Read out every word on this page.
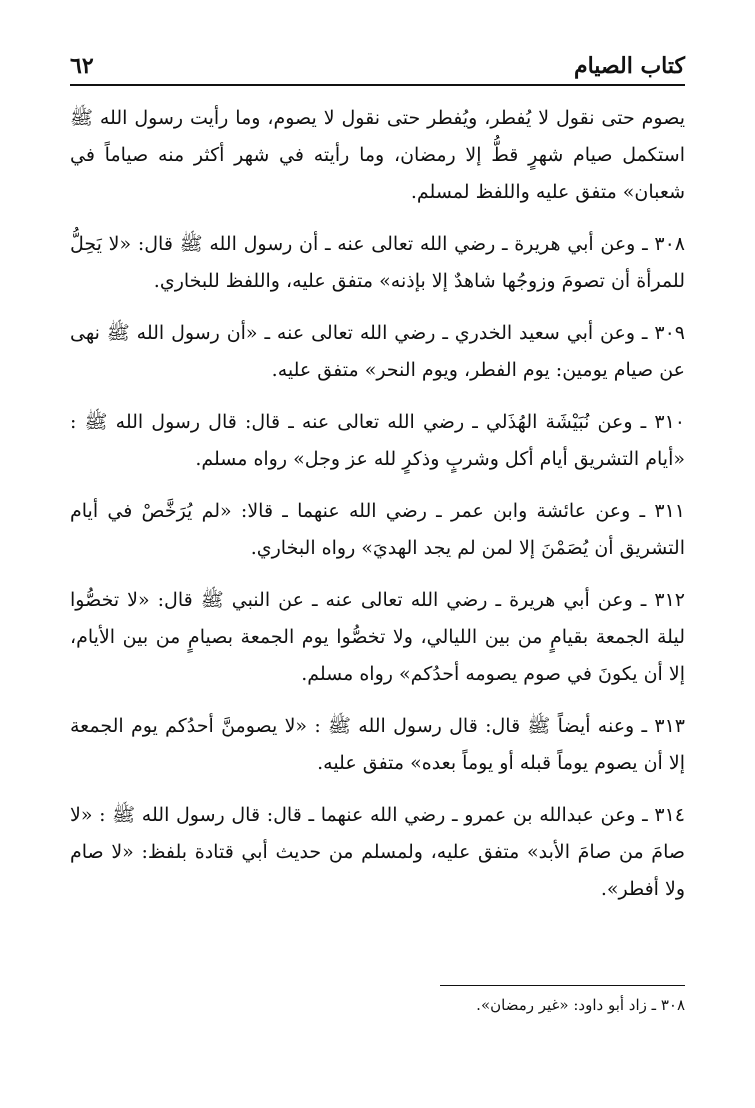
كتاب الصيام
٦٢

يصوم حتى نقول لا يُفطر، ويُفطر حتى نقول لا يصوم، وما رأيت رسول الله ﷺ استكمل صيام شهرٍ قطُّ إلا رمضان، وما رأيته في شهر أكثر منه صياماً في شعبان» متفق عليه واللفظ لمسلم.

٣٠٨ ـ وعن أبي هريرة ـ رضي الله تعالى عنه ـ أن رسول الله ﷺ قال: «لا يَحِلُّ للمرأة أن تصومَ وزوجُها شاهدٌ إلا بإذنه» متفق عليه، واللفظ للبخاري.

٣٠٩ ـ وعن أبي سعيد الخدري ـ رضي الله تعالى عنه ـ «أن رسول الله ﷺ نهى عن صيام يومين: يوم الفطر، ويوم النحر» متفق عليه.

٣١٠ ـ وعن نُبَيْشَة الهُذَلي ـ رضي الله تعالى عنه ـ قال: قال رسول الله ﷺ : «أيام التشريق أيام أكل وشربٍ وذكرٍ لله عز وجل» رواه مسلم.

٣١١ ـ وعن عائشة وابن عمر ـ رضي الله عنهما ـ قالا: «لم يُرَخَّصْ في أيام التشريق أن يُصَمْنَ إلا لمن لم يجد الهديَ» رواه البخاري.

٣١٢ ـ وعن أبي هريرة ـ رضي الله تعالى عنه ـ عن النبي ﷺ قال: «لا تخصُّوا ليلة الجمعة بقيامٍ من بين الليالي، ولا تخصُّوا يوم الجمعة بصيامٍ من بين الأيام، إلا أن يكونَ في صوم يصومه أحدُكم» رواه مسلم.

٣١٣ ـ وعنه أيضاً ﷺ قال: قال رسول الله ﷺ : «لا يصومنَّ أحدُكم يوم الجمعة إلا أن يصوم يوماً قبله أو يوماً بعده» متفق عليه.

٣١٤ ـ وعن عبدالله بن عمرو ـ رضي الله عنهما ـ قال: قال رسول الله ﷺ : «لا صامَ من صامَ الأبد» متفق عليه، ولمسلم من حديث أبي قتادة بلفظ: «لا صام ولا أفطر».

٣٠٨ ـ زاد أبو داود: «غير رمضان».
